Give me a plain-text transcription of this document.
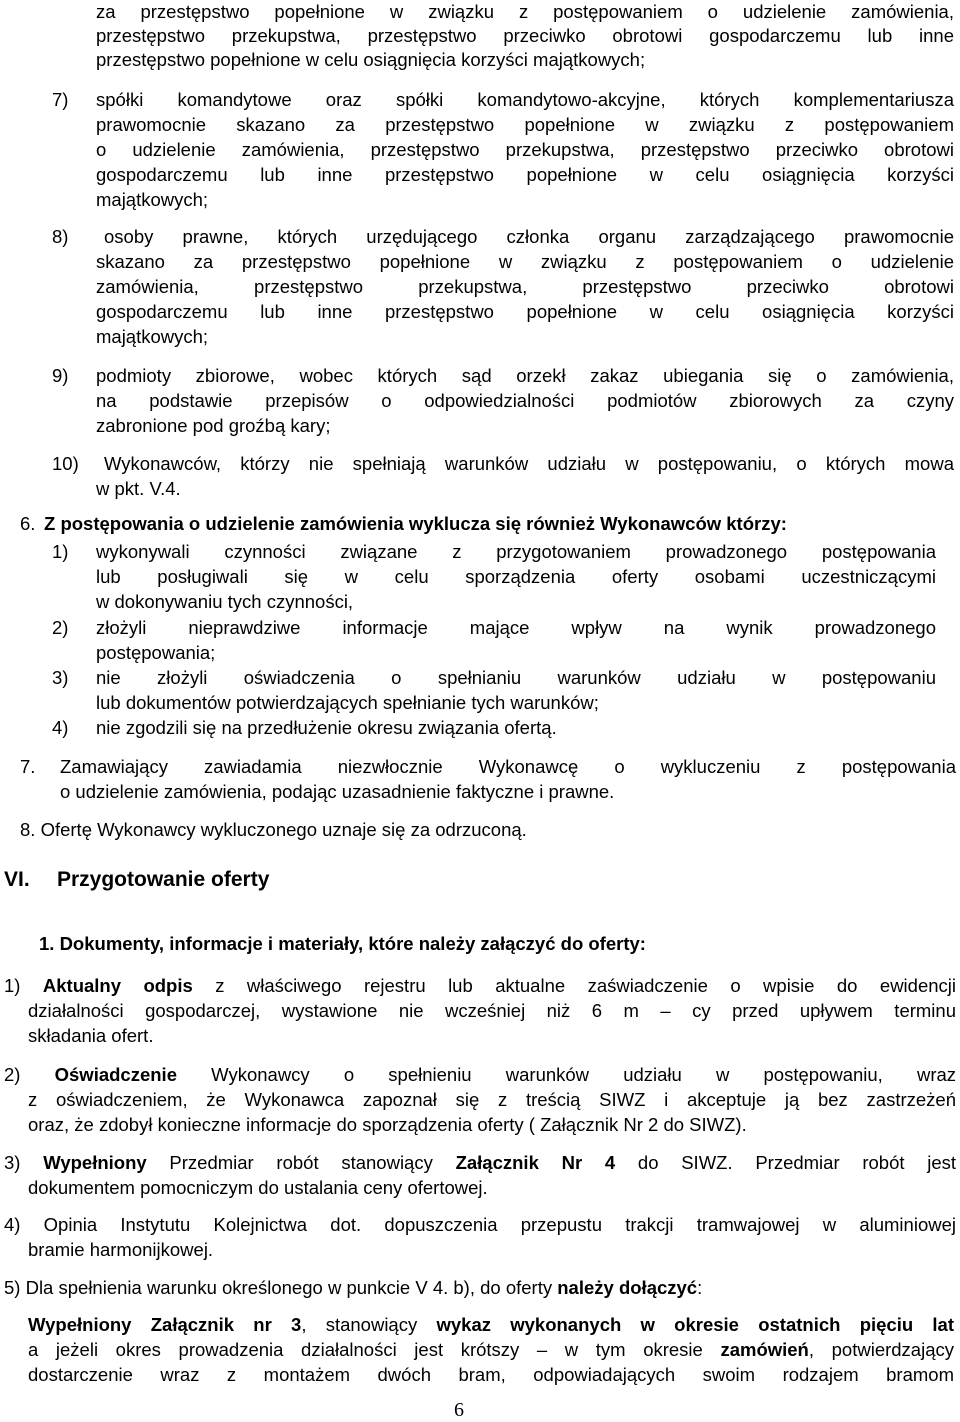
za przestępstwo popełnione w związku z postępowaniem o udzielenie zamówienia,
przestępstwo przekupstwa, przestępstwo przeciwko obrotowi gospodarczemu lub inne
przestępstwo popełnione w celu osiągnięcia korzyści majątkowych;
7) spółki komandytowe oraz spółki komandytowo-akcyjne, których komplementariusza
prawomocnie skazano za przestępstwo popełnione w związku z postępowaniem
o udzielenie zamówienia, przestępstwo przekupstwa, przestępstwo przeciwko obrotowi
gospodarczemu lub inne przestępstwo popełnione w celu osiągnięcia korzyści
majątkowych;
8) osoby prawne, których urzędującego członka organu zarządzającego prawomocnie
skazano za przestępstwo popełnione w związku z postępowaniem o udzielenie
zamówienia, przestępstwo przekupstwa, przestępstwo przeciwko obrotowi
gospodarczemu lub inne przestępstwo popełnione w celu osiągnięcia korzyści
majątkowych;
9) podmioty zbiorowe, wobec których sąd orzekł zakaz ubiegania się o zamówienia,
na podstawie przepisów o odpowiedzialności podmiotów zbiorowych za czyny
zabronione pod groźbą kary;
10) Wykonawców, którzy nie spełniają warunków udziału w postępowaniu, o których mowa
w pkt. V.4.
6. Z postępowania o udzielenie zamówienia wyklucza się również Wykonawców którzy:
1) wykonywali czynności związane z przygotowaniem prowadzonego postępowania
lub posługiwali się w celu sporządzenia oferty osobami uczestniczącymi
w dokonywaniu tych czynności,
2) złożyli nieprawdziwe informacje mające wpływ na wynik prowadzonego
postępowania;
3) nie złożyli oświadczenia o spełnianiu warunków udziału w postępowaniu
lub dokumentów potwierdzających spełnianie tych warunków;
4) nie zgodzili się na przedłużenie okresu związania ofertą.
7. Zamawiający zawiadamia niezwłocznie Wykonawcę o wykluczeniu z postępowania
o udzielenie zamówienia, podając uzasadnienie faktyczne i prawne.
8. Ofertę Wykonawcy wykluczonego uznaje się za odrzuconą.
VI. Przygotowanie oferty
1. Dokumenty, informacje i materiały, które należy załączyć do oferty:
1) Aktualny odpis z właściwego rejestru lub aktualne zaświadczenie o wpisie do ewidencji
działalności gospodarczej, wystawione nie wcześniej niż 6 m – cy przed upływem terminu
składania ofert.
2) Oświadczenie Wykonawcy o spełnieniu warunków udziału w postępowaniu, wraz
z oświadczeniem, że Wykonawca zapoznał się z treścią SIWZ i akceptuje ją bez zastrzeżeń
oraz, że zdobył konieczne informacje do sporządzenia oferty ( Załącznik Nr 2 do SIWZ).
3) Wypełniony Przedmiar robót stanowiący Załącznik Nr 4 do SIWZ. Przedmiar robót jest
dokumentem pomocniczym do ustalania ceny ofertowej.
4) Opinia Instytutu Kolejnictwa dot. dopuszczenia przepustu trakcji tramwajowej w aluminiowej
bramie harmonijkowej.
5) Dla spełnienia warunku określonego w punkcie V 4. b), do oferty należy dołączyć:
Wypełniony Załącznik nr 3, stanowiący wykaz wykonanych w okresie ostatnich pięciu lat
a jeżeli okres prowadzenia działalności jest krótszy – w tym okresie zamówień, potwierdzający
dostarczenie wraz z montażem dwóch bram, odpowiadających swoim rodzajem bramom
6
